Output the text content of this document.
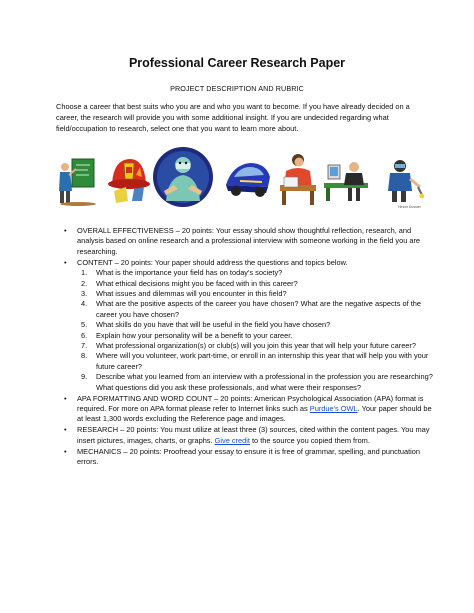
Professional Career Research Paper
PROJECT DESCRIPTION AND RUBRIC
Choose a career that best suits who you are and who you want to become. If you have already decided on a career, the research will provide you with some additional insight. If you are undecided regarding what field/occupation to research, select one that you want to learn more about.
Hirsch Dossier
• OVERALL EFFECTIVENESS – 20 points: Your essay should show thoughtful reflection, research, and analysis based on online research and a professional interview with someone working in the field you are researching.
• CONTENT – 20 points: Your paper should address the questions and topics below.
1. What is the importance your field has on today's society?
2. What ethical decisions might you be faced with in this career?
3. What issues and dilemmas will you encounter in this field?
4. What are the positive aspects of the career you have chosen? What are the negative aspects of the career you have chosen?
5. What skills do you have that will be useful in the field you have chosen?
6. Explain how your personality will be a benefit to your career.
7. What professional organization(s) or club(s) will you join this year that will help your future career?
8. Where will you volunteer, work part-time, or enroll in an internship this year that will help you with your future career?
9. Describe what you learned from an interview with a professional in the profession you are researching? What questions did you ask these professionals, and what were their responses?
• APA FORMATTING AND WORD COUNT – 20 points: American Psychological Association (APA) format is required. For more on APA format please refer to Internet links such as Purdue's OWL. Your paper should be at least 1,300 words excluding the Reference page and images.
• RESEARCH – 20 points: You must utilize at least three (3) sources, cited within the content pages. You may insert pictures, images, charts, or graphs. Give credit to the source you copied them from.
• MECHANICS – 20 points: Proofread your essay to ensure it is free of grammar, spelling, and punctuation errors.
